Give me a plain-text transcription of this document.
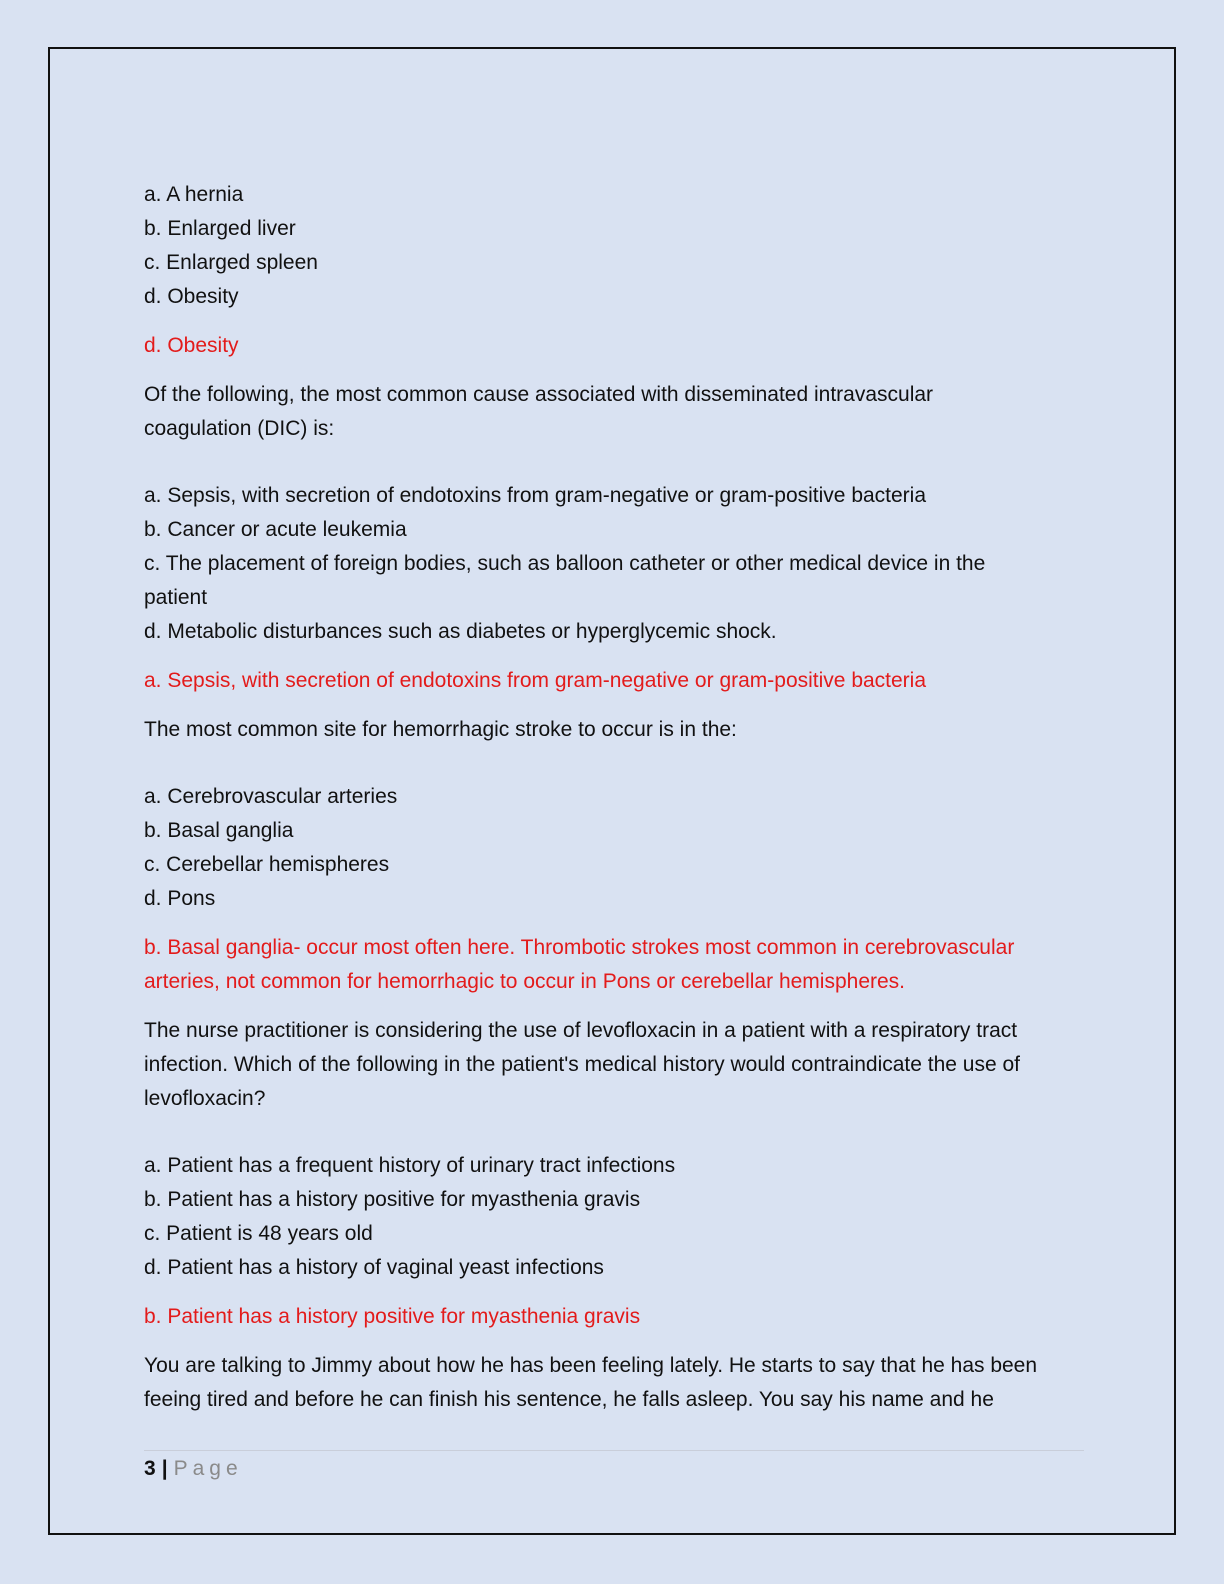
a. A hernia

b. Enlarged liver

c. Enlarged spleen

d. Obesity

d. Obesity

Of the following, the most common cause associated with disseminated intravascular coagulation (DIC) is:

a. Sepsis, with secretion of endotoxins from gram-negative or gram-positive bacteria

b. Cancer or acute leukemia

c. The placement of foreign bodies, such as balloon catheter or other medical device in the patient

d. Metabolic disturbances such as diabetes or hyperglycemic shock.

a. Sepsis, with secretion of endotoxins from gram-negative or gram-positive bacteria

The most common site for hemorrhagic stroke to occur is in the:

a. Cerebrovascular arteries

b. Basal ganglia

c. Cerebellar hemispheres

d. Pons

b. Basal ganglia- occur most often here. Thrombotic strokes most common in cerebrovascular arteries, not common for hemorrhagic to occur in Pons or cerebellar hemispheres.

The nurse practitioner is considering the use of levofloxacin in a patient with a respiratory tract infection. Which of the following in the patient's medical history would contraindicate the use of levofloxacin?

a. Patient has a frequent history of urinary tract infections

b. Patient has a history positive for myasthenia gravis

c. Patient is 48 years old

d. Patient has a history of vaginal yeast infections

b. Patient has a history positive for myasthenia gravis

You are talking to Jimmy about how he has been feeling lately. He starts to say that he has been feeing tired and before he can finish his sentence, he falls asleep. You say his name and he

3 | Page
